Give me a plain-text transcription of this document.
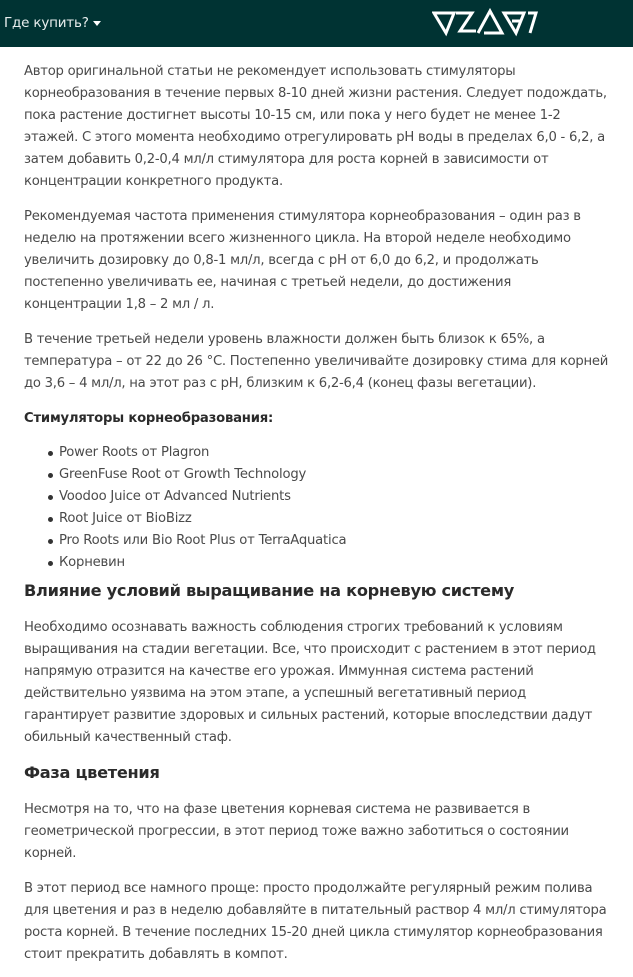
Где купить?

Автор оригинальной статьи не рекомендует использовать стимуляторы корнеобразования в течение первых 8-10 дней жизни растения. Следует подождать, пока растение достигнет высоты 10-15 см, или пока у него будет не менее 1-2 этажей. С этого момента необходимо отрегулировать pH воды в пределах 6,0 - 6,2, а затем добавить 0,2-0,4 мл/л стимулятора для роста корней в зависимости от концентрации конкретного продукта.

Рекомендуемая частота применения стимулятора корнеобразования – один раз в неделю на протяжении всего жизненного цикла. На второй неделе необходимо увеличить дозировку до 0,8-1 мл/л, всегда с pH от 6,0 до 6,2, и продолжать постепенно увеличивать ее, начиная с третьей недели, до достижения концентрации 1,8 – 2 мл / л.

В течение третьей недели уровень влажности должен быть близок к 65%, а температура – от 22 до 26 °C. Постепенно увеличивайте дозировку стима для корней до 3,6 – 4 мл/л, на этот раз с pH, близким к 6,2-6,4 (конец фазы вегетации).

Стимуляторы корнеобразования:

Power Roots от Plagron
GreenFuse Root от Growth Technology
Voodoo Juice от Advanced Nutrients
Root Juice от BioBizz
Pro Roots или Bio Root Plus от TerraAquatica
Корневин
Влияние условий выращивание на корневую систему

Необходимо осознавать важность соблюдения строгих требований к условиям выращивания на стадии вегетации. Все, что происходит с растением в этот период напрямую отразится на качестве его урожая. Иммунная система растений действительно уязвима на этом этапе, а успешный вегетативный период гарантирует развитие здоровых и сильных растений, которые впоследствии дадут обильный качественный стаф.

Фаза цветения

Несмотря на то, что на фазе цветения корневая система не развивается в геометрической прогрессии, в этот период тоже важно заботиться о состоянии корней.

В этот период все намного проще: просто продолжайте регулярный режим полива для цветения и раз в неделю добавляйте в питательный раствор 4 мл/л стимулятора роста корней. В течение последних 15-20 дней цикла стимулятор корнеобразования стоит прекратить добавлять в компот.
